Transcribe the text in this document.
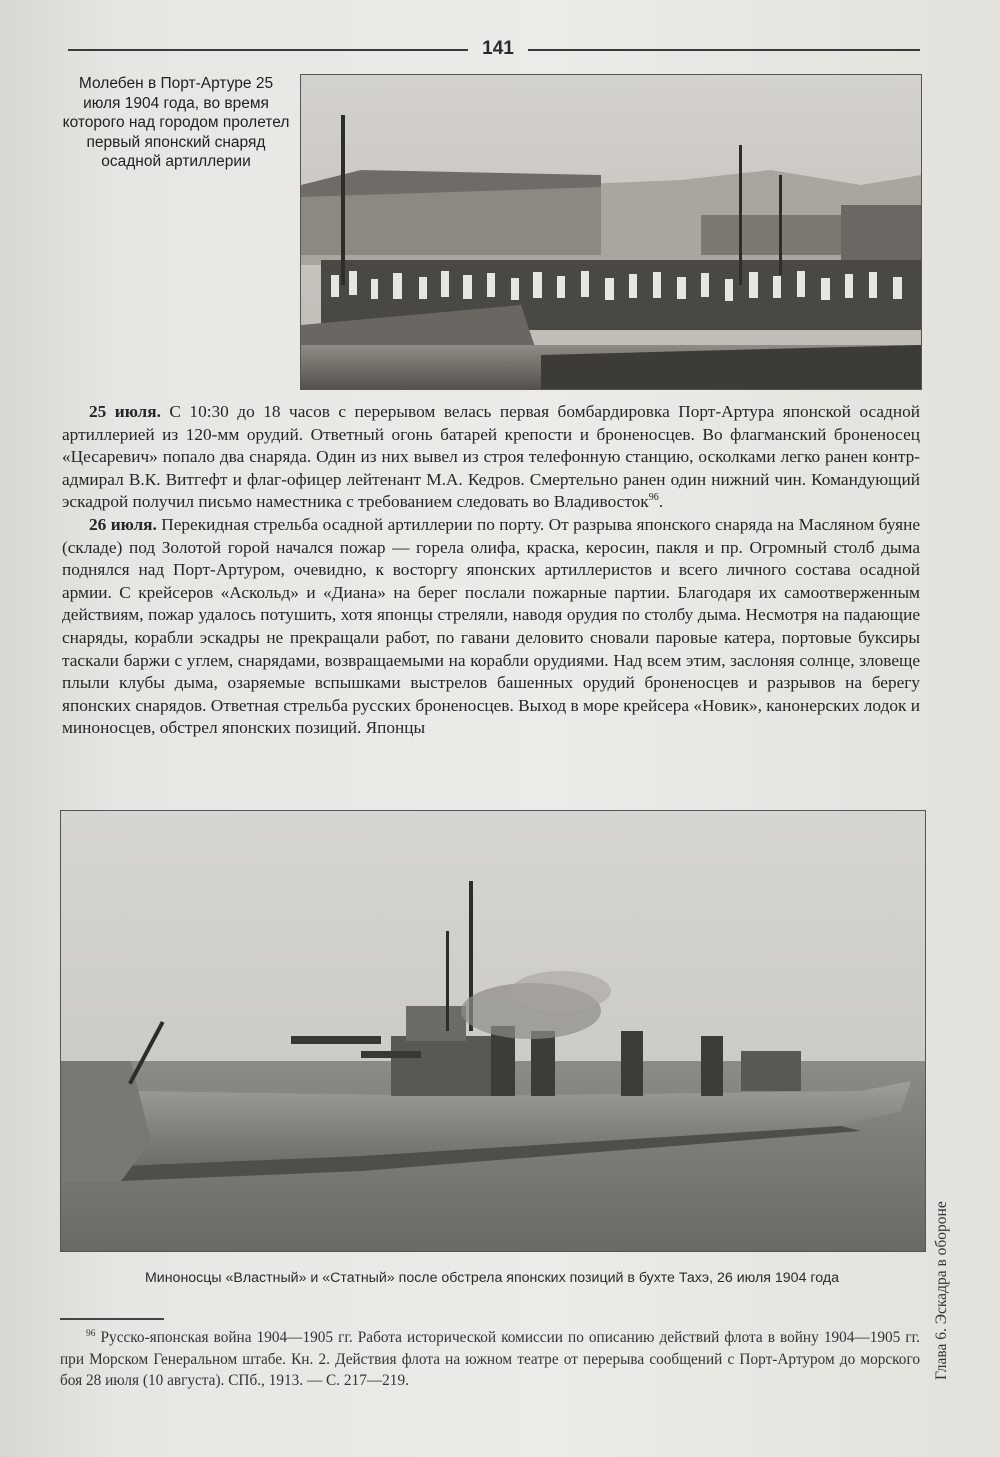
141
Молебен в Порт-Артуре 25 июля 1904 года, во время которого над городом пролетел первый японский снаряд осадной артиллерии

25 июля. С 10:30 до 18 часов с перерывом велась первая бомбардировка Порт-Артура японской осадной артиллерией из 120-мм орудий. Ответный огонь батарей крепости и броненосцев. Во флагманский броненосец «Цесаревич» попало два снаряда. Один из них вывел из строя телефонную станцию, осколками легко ранен контр-адмирал В.К. Витгефт и флаг-офицер лейтенант М.А. Кедров. Смертельно ранен один нижний чин. Командующий эскадрой получил письмо наместника с требованием следовать во Владивосток$^{96}$.

26 июля. Перекидная стрельба осадной артиллерии по порту. От разрыва японского снаряда на Масляном буяне (складе) под Золотой горой начался пожар — горела олифа, краска, керосин, пакля и пр. Огромный столб дыма поднялся над Порт-Артуром, очевидно, к восторгу японских артиллеристов и всего личного состава осадной армии. С крейсеров «Аскольд» и «Диана» на берег послали пожарные партии. Благодаря их самоотверженным действиям, пожар удалось потушить, хотя японцы стреляли, наводя орудия по столбу дыма. Несмотря на падающие снаряды, корабли эскадры не прекращали работ, по гавани деловито сновали паровые катера, портовые буксиры таскали баржи с углем, снарядами, возвращаемыми на корабли орудиями. Над всем этим, заслоняя солнце, зловеще плыли клубы дыма, озаряемые вспышками выстрелов башенных орудий броненосцев и разрывов на берегу японских снарядов. Ответная стрельба русских броненосцев. Выход в море крейсера «Новик», канонерских лодок и миноносцев, обстрел японских позиций. Японцы

Миноносцы «Властный» и «Статный» после обстрела японских позиций в бухте Тахэ, 26 июля 1904 года
$^{96}$ Русско-японская война 1904—1905 гг. Работа исторической комиссии по описанию действий флота в войну 1904—1905 гг. при Морском Генеральном штабе. Кн. 2. Действия флота на южном театре от перерыва сообщений с Порт-Артуром до морского боя 28 июля (10 августа). СПб., 1913. — С. 217—219.
Глава 6. Эскадра в обороне
